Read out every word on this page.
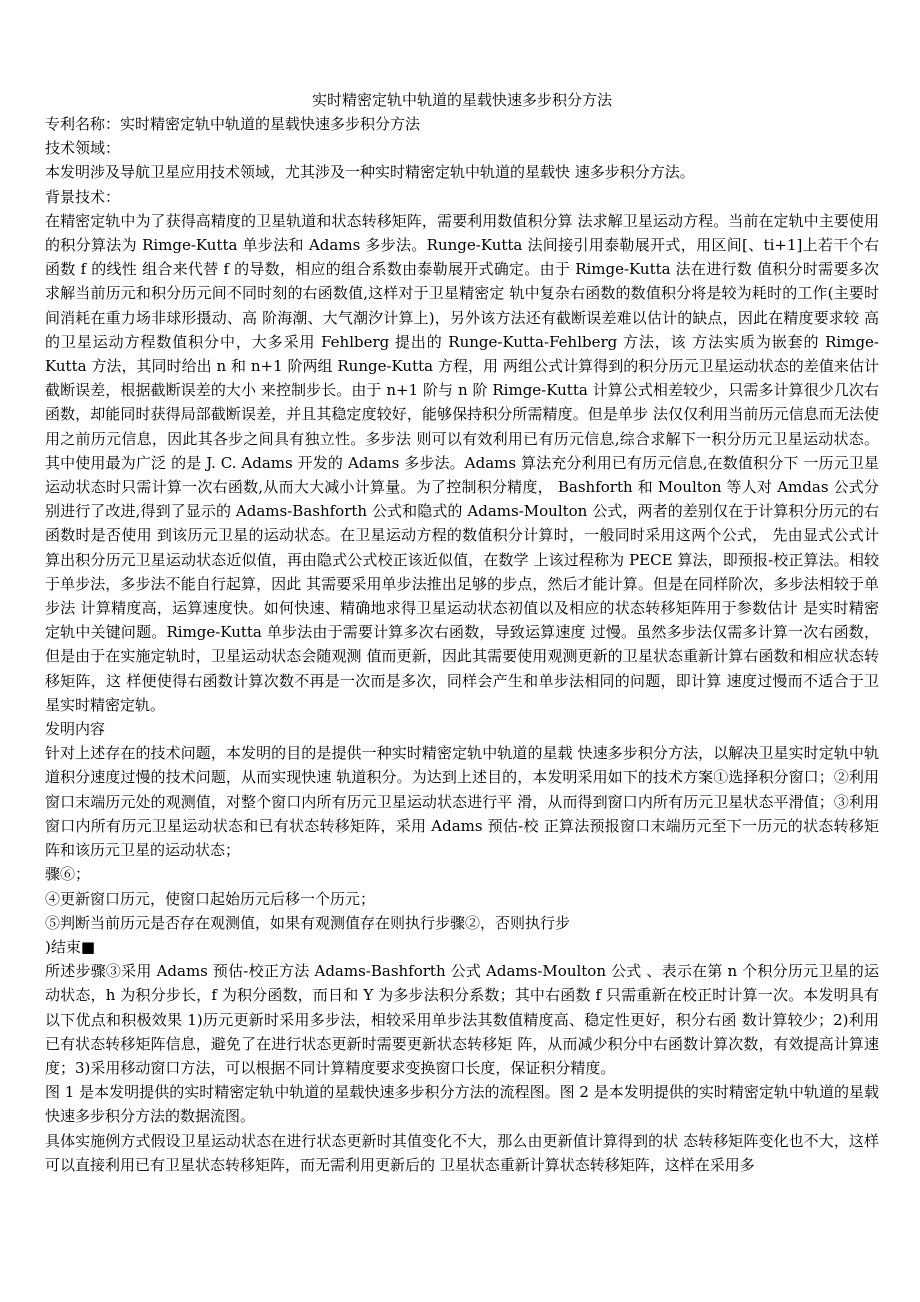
实时精密定轨中轨道的星载快速多步积分方法

专利名称：实时精密定轨中轨道的星载快速多步积分方法

技术领域：

本发明涉及导航卫星应用技术领域，尤其涉及一种实时精密定轨中轨道的星载快 速多步积分方法。

背景技术：

在精密定轨中为了获得高精度的卫星轨道和状态转移矩阵，需要利用数值积分算 法求解卫星运动方程。当前在定轨中主要使用的积分算法为 Rimge-Kutta 单步法和 Adams 多步法。Runge-Kutta 法间接引用泰勒展开式，用区间[、ti+1]上若干个右函数 f 的线性 组合来代替 f 的导数，相应的组合系数由泰勒展开式确定。由于 Rimge-Kutta 法在进行数 值积分时需要多次求解当前历元和积分历元间不同时刻的右函数值,这样对于卫星精密定 轨中复杂右函数的数值积分将是较为耗时的工作(主要时间消耗在重力场非球形摄动、高 阶海潮、大气潮汐计算上)，另外该方法还有截断误差难以估计的缺点，因此在精度要求较 高的卫星运动方程数值积分中，大多采用 Fehlberg 提出的 Runge-Kutta-Fehlberg 方法，该 方法实质为嵌套的 Rimge-Kutta 方法，其同时给出 n 和 n+1 阶两组 Runge-Kutta 方程，用 两组公式计算得到的积分历元卫星运动状态的差值来估计截断误差，根据截断误差的大小 来控制步长。由于 n+1 阶与 n 阶 Rimge-Kutta 计算公式相差较少，只需多计算很少几次右 函数，却能同时获得局部截断误差，并且其稳定度较好，能够保持积分所需精度。但是单步 法仅仅利用当前历元信息而无法使用之前历元信息，因此其各步之间具有独立性。多步法 则可以有效利用已有历元信息,综合求解下一积分历元卫星运动状态。其中使用最为广泛 的是 J. C. Adams 开发的 Adams 多步法。Adams 算法充分利用已有历元信息,在数值积分下 一历元卫星运动状态时只需计算一次右函数,从而大大减小计算量。为了控制积分精度， Bashforth 和 Moulton 等人对 Amdas 公式分别进行了改进,得到了显示的 Adams-Bashforth 公式和隐式的 Adams-Moulton 公式，两者的差别仅在于计算积分历元的右函数时是否使用 到该历元卫星的运动状态。在卫星运动方程的数值积分计算时，一般同时采用这两个公式， 先由显式公式计算出积分历元卫星运动状态近似值，再由隐式公式校正该近似值，在数学 上该过程称为 PECE 算法，即预报-校正算法。相较于单步法，多步法不能自行起算，因此 其需要采用单步法推出足够的步点，然后才能计算。但是在同样阶次，多步法相较于单步法 计算精度高，运算速度快。如何快速、精确地求得卫星运动状态初值以及相应的状态转移矩阵用于参数估计 是实时精密定轨中关键问题。Rimge-Kutta 单步法由于需要计算多次右函数，导致运算速度 过慢。虽然多步法仅需多计算一次右函数，但是由于在实施定轨时，卫星运动状态会随观测 值而更新，因此其需要使用观测更新的卫星状态重新计算右函数和相应状态转移矩阵，这 样便使得右函数计算次数不再是一次而是多次，同样会产生和单步法相同的问题，即计算 速度过慢而不适合于卫星实时精密定轨。

发明内容

针对上述存在的技术问题，本发明的目的是提供一种实时精密定轨中轨道的星载 快速多步积分方法，以解决卫星实时定轨中轨道积分速度过慢的技术问题，从而实现快速 轨道积分。为达到上述目的，本发明采用如下的技术方案①选择积分窗口；②利用窗口末端历元处的观测值，对整个窗口内所有历元卫星运动状态进行平 滑，从而得到窗口内所有历元卫星状态平滑值；③利用窗口内所有历元卫星运动状态和已有状态转移矩阵，采用 Adams 预估-校 正算法预报窗口末端历元至下一历元的状态转移矩阵和该历元卫星的运动状态；

骤⑥；

④更新窗口历元，使窗口起始历元后移一个历元；

⑤判断当前历元是否存在观测值，如果有观测值存在则执行步骤②，否则执行步

)结束■

所述步骤③采用 Adams 预估-校正方法 Adams-Bashforth 公式 Adams-Moulton 公式 、表示在第 n 个积分历元卫星的运动状态，h 为积分步长，f 为积分函数，而日和 Y 为多步法积分系数；其中右函数 f 只需重新在校正时计算一次。本发明具有以下优点和积极效果 1)历元更新时采用多步法，相较采用单步法其数值精度高、稳定性更好，积分右函 数计算较少；2)利用已有状态转移矩阵信息，避免了在进行状态更新时需要更新状态转移矩 阵，从而减少积分中右函数计算次数，有效提高计算速度；3)采用移动窗口方法，可以根据不同计算精度要求变换窗口长度，保证积分精度。

图 1 是本发明提供的实时精密定轨中轨道的星载快速多步积分方法的流程图。图 2 是本发明提供的实时精密定轨中轨道的星载快速多步积分方法的数据流图。

具体实施例方式假设卫星运动状态在进行状态更新时其值变化不大，那么由更新值计算得到的状 态转移矩阵变化也不大，这样可以直接利用已有卫星状态转移矩阵，而无需利用更新后的 卫星状态重新计算状态转移矩阵，这样在采用多
